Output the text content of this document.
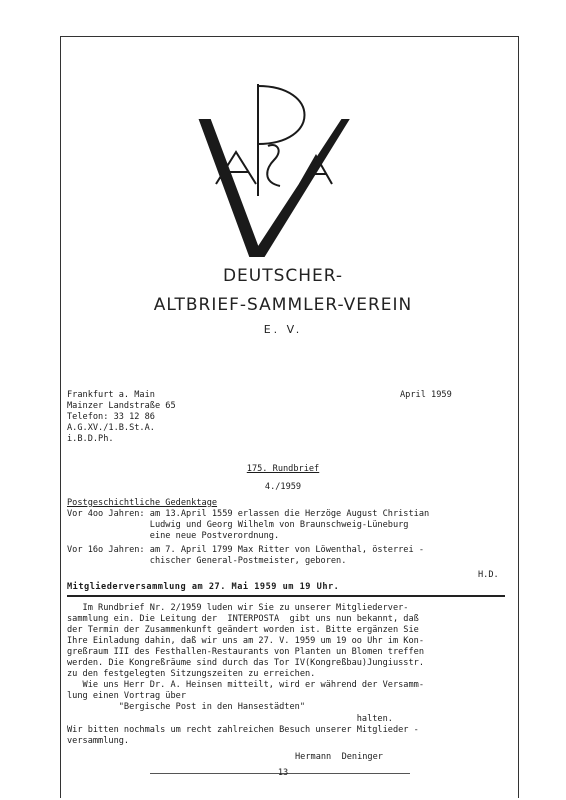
DEUTSCHER-
ALTBRIEF-SAMMLER-VEREIN
E. V.
Frankfurt a. Main
Mainzer Landstraße 65
Telefon: 33 12 86
A.G.XV./1.B.St.A.
i.B.D.Ph.
April 1959
175. Rundbrief
4./1959
Postgeschichtliche Gedenktage
Vor 4oo Jahren: am 13.April 1559 erlassen die Herzöge August Christian
Ludwig und Georg Wilhelm von Braunschweig-Lüneburg
eine neue Postverordnung.
Vor 16o Jahren: am 7. April 1799 Max Ritter von Löwenthal, österrei -
chischer General-Postmeister, geboren.
H.D.
Mitgliederversammlung am 27. Mai 1959 um 19 Uhr.
Im Rundbrief Nr. 2/1959 luden wir Sie zu unserer Mitgliederver-
sammlung ein. Die Leitung der  INTERPOSTA  gibt uns nun bekannt, daß
der Termin der Zusammenkunft geändert worden ist. Bitte ergänzen Sie
Ihre Einladung dahin, daß wir uns am 27. V. 1959 um 19 oo Uhr im Kon-
greßraum III des Festhallen-Restaurants von Planten un Blomen treffen
werden. Die Kongreßräume sind durch das Tor IV(Kongreßbau)Jungiusstr.
zu den festgelegten Sitzungszeiten zu erreichen.
Wie uns Herr Dr. A. Heinsen mitteilt, wird er während der Versamm-
lung einen Vortrag über
"Bergische Post in den Hansestädten"
halten.
Wir bitten nochmals um recht zahlreichen Besuch unserer Mitglieder -
versammlung.
Hermann  Deninger
13
